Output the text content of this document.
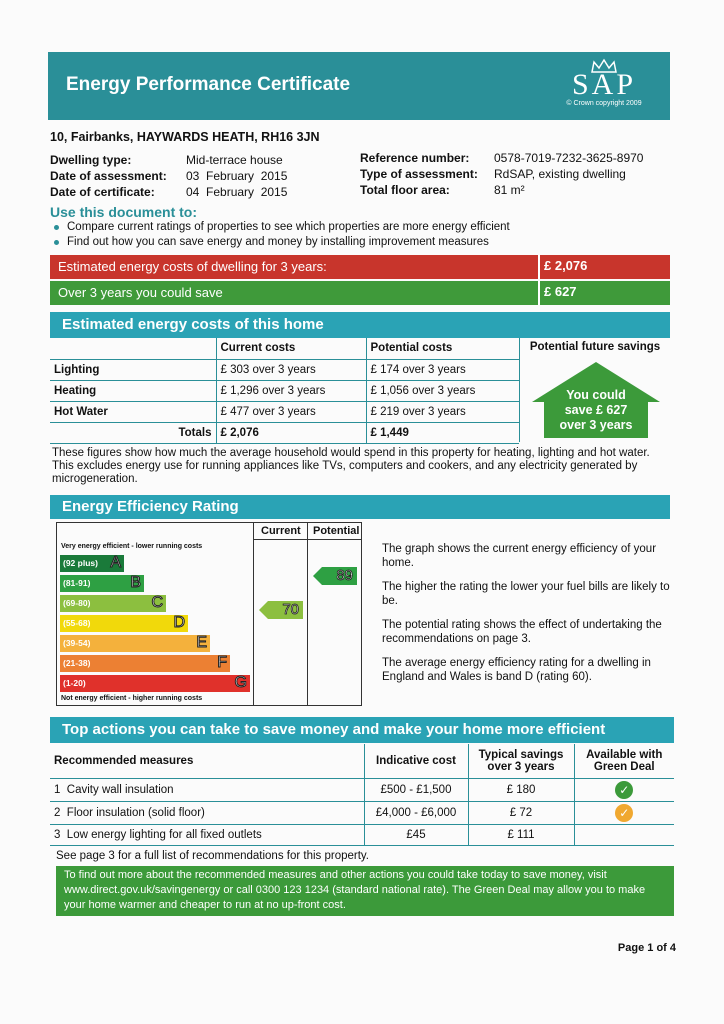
Energy Performance Certificate	SAP
© Crown copyright 2009
10, Fairbanks, HAYWARDS HEATH, RH16 3JN
Dwelling type:	Mid-terrace house
Date of assessment: 03  February  2015
Date of certificate:	04  February  2015
Reference number: 0578-7019-7232-3625-8970
Type of assessment: RdSAP, existing dwelling
Total floor area:	81 m²
Use this document to:
Compare current ratings of properties to see which properties are more energy efficient
Find out how you can save energy and money by installing improvement measures
Estimated energy costs of dwelling for 3 years:	£ 2,076
Over 3 years you could save	£ 627
Estimated energy costs of this home
	Current costs	Potential costs
Lighting	£ 303 over 3 years	£ 174 over 3 years
Heating	£ 1,296 over 3 years	£ 1,056 over 3 years
Hot Water	£ 477 over 3 years	£ 219 over 3 years
Totals	£ 2,076	£ 1,449
Potential future savings
You could
save £ 627
over 3 years
These figures show how much the average household would spend in this property for heating, lighting and hot water. This excludes energy use for running appliances like TVs, computers and cookers, and any electricity generated by microgeneration.
Energy Efficiency Rating
Current Potential
Very energy efficient - lower running costs
(92 plus) A
(81-91) B
(69-80)	C
(55-68)	D
(39-54)	E
(21-38)	F
(1-20)	G
70
89
Not energy efficient - higher running costs

The graph shows the current energy efficiency of your home.

The higher the rating the lower your fuel bills are likely to be.

The potential rating shows the effect of undertaking the recommendations on page 3.

The average energy efficiency rating for a dwelling in England and Wales is band D (rating 60).

Top actions you can take to save money and make your home more efficient
Recommended measures	Indicative cost	Typical savings over 3 years	Available with Green Deal
1 Cavity wall insulation	£500 - £1,500	£ 180	✓
2 Floor insulation (solid floor)	£4,000 - £6,000	£ 72	✓
3 Low energy lighting for all fixed outlets	£45	£ 111	
See page 3 for a full list of recommendations for this property.
To find out more about the recommended measures and other actions you could take today to save money, visit www.direct.gov.uk/savingenergy or call 0300 123 1234 (standard national rate). The Green Deal may allow you to make your home warmer and cheaper to run at no up-front cost.
Page 1 of 4
